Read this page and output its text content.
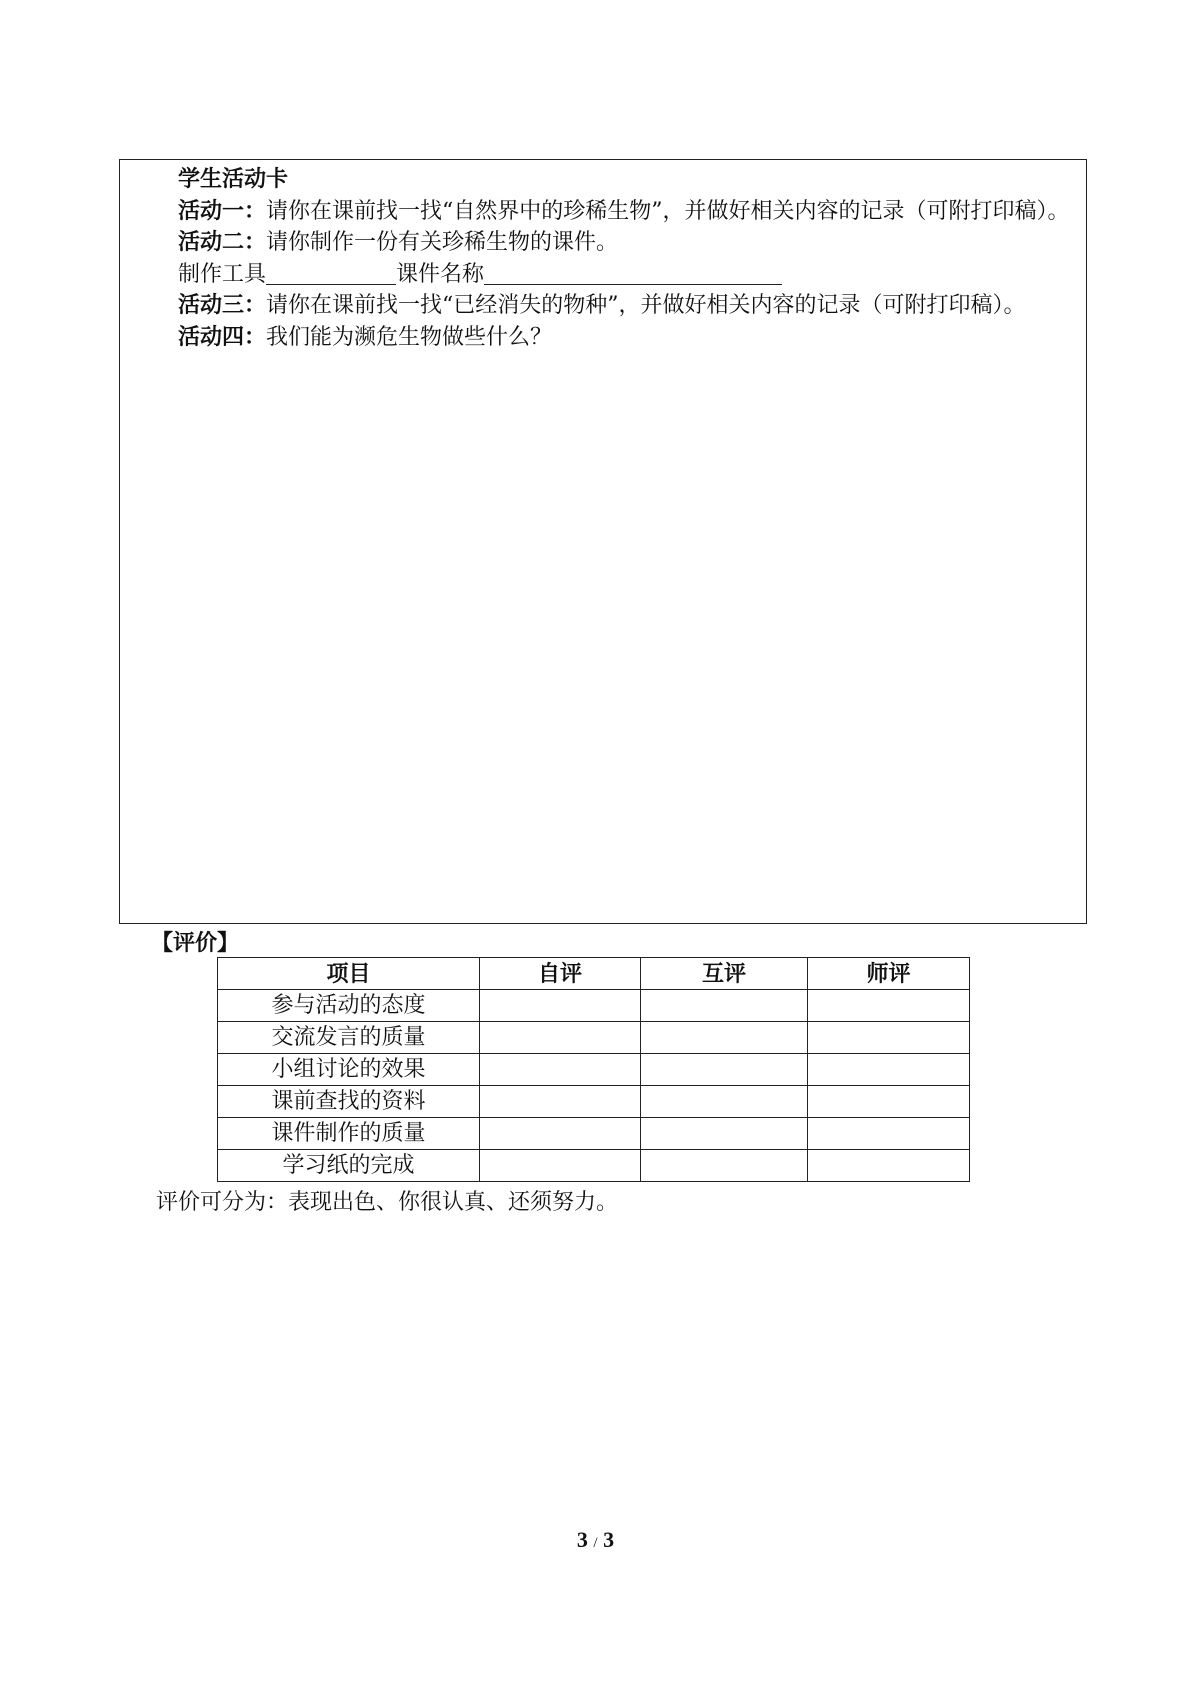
学生活动卡
活动一：请你在课前找一找“自然界中的珍稀生物”，并做好相关内容的记录（可附打印稿）。
活动二：请你制作一份有关珍稀生物的课件。
制作工具	课件名称
活动三：请你在课前找一找“已经消失的物种”，并做好相关内容的记录（可附打印稿）。
活动四：我们能为濒危生物做些什么？
【评价】
项目	自评	互评	师评
参与活动的态度			
交流发言的质量			
小组讨论的效果			
课前查找的资料			
课件制作的质量			
学习纸的完成			
评价可分为：表现出色、你很认真、还须努力。
3 / 3
